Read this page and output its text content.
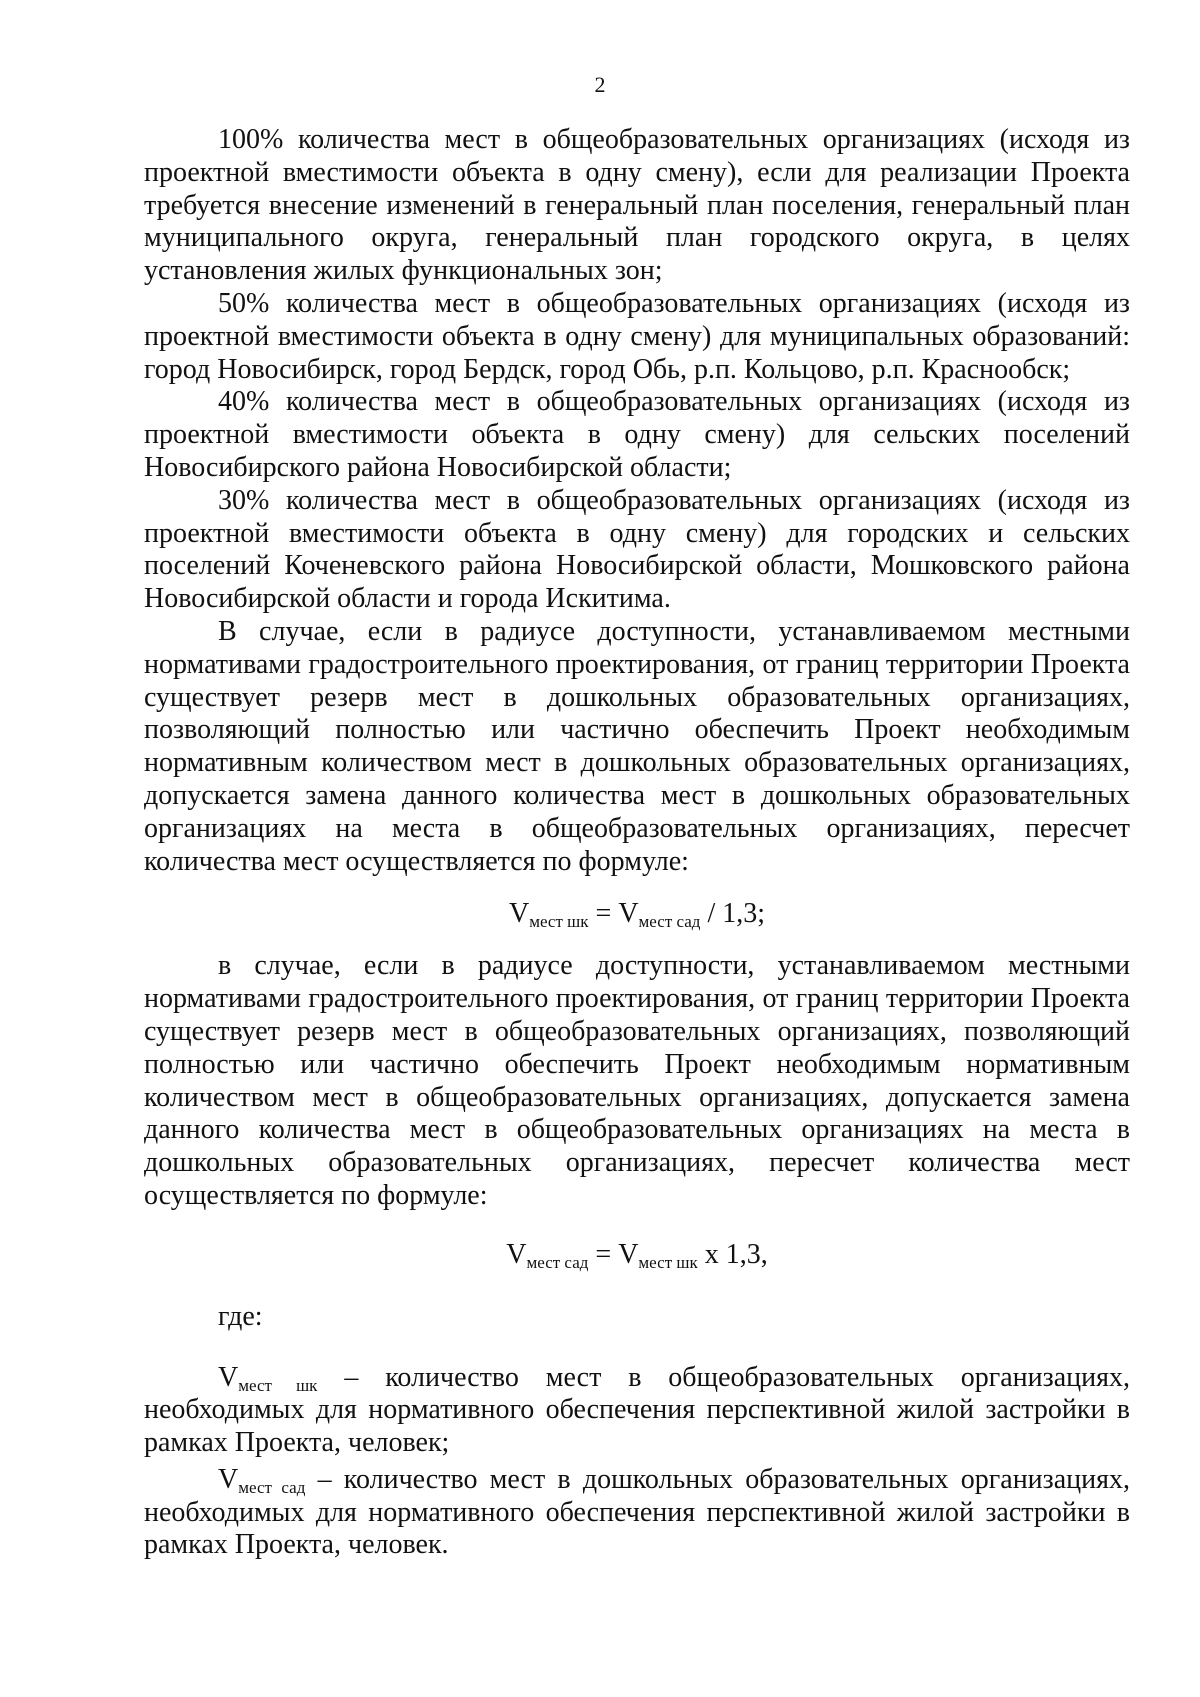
2

100% количества мест в общеобразовательных организациях (исходя из проектной вместимости объекта в одну смену), если для реализации Проекта требуется внесение изменений в генеральный план поселения, генеральный план муниципального округа, генеральный план городского округа, в целях установления жилых функциональных зон;

50% количества мест в общеобразовательных организациях (исходя из проектной вместимости объекта в одну смену) для муниципальных образований: город Новосибирск, город Бердск, город Обь, р.п. Кольцово, р.п. Краснообск;

40% количества мест в общеобразовательных организациях (исходя из проектной вместимости объекта в одну смену) для сельских поселений Новосибирского района Новосибирской области;

30% количества мест в общеобразовательных организациях (исходя из проектной вместимости объекта в одну смену) для городских и сельских поселений Коченевского района Новосибирской области, Мошковского района Новосибирской области и города Искитима.

В случае, если в радиусе доступности, устанавливаемом местными нормативами градостроительного проектирования, от границ территории Проекта существует резерв мест в дошкольных образовательных организациях, позволяющий полностью или частично обеспечить Проект необходимым нормативным количеством мест в дошкольных образовательных организациях, допускается замена данного количества мест в дошкольных образовательных организациях на места в общеобразовательных организациях, пересчет количества мест осуществляется по формуле:

$V_{мест шк} = V_{мест сад} / 1,3$;

в случае, если в радиусе доступности, устанавливаемом местными нормативами градостроительного проектирования, от границ территории Проекта существует резерв мест в общеобразовательных организациях, позволяющий полностью или частично обеспечить Проект необходимым нормативным количеством мест в общеобразовательных организациях, допускается замена данного количества мест в общеобразовательных организациях на места в дошкольных образовательных организациях, пересчет количества мест осуществляется по формуле:

$V_{мест сад} = V_{мест шк}$ x 1,3,

где:

$V_{мест шк}$ – количество мест в общеобразовательных организациях, необходимых для нормативного обеспечения перспективной жилой застройки в рамках Проекта, человек;

$V_{мест сад}$ – количество мест в дошкольных образовательных организациях, необходимых для нормативного обеспечения перспективной жилой застройки в рамках Проекта, человек.
